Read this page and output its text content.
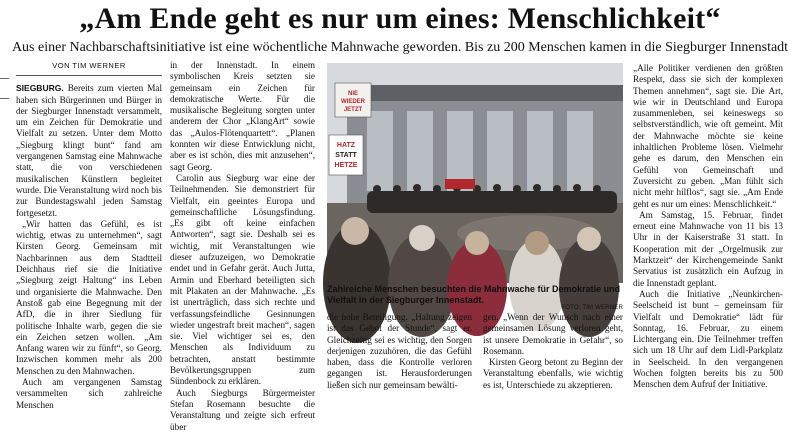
„Am Ende geht es nur um eines: Menschlichkeit“
Aus einer Nachbarschaftsinitiative ist eine wöchentliche Mahnwache geworden. Bis zu 200 Menschen kamen in die Siegburger Innenstadt
VON TIM WERNER

SIEGBURG. Bereits zum vierten Mal haben sich Bürgerinnen und Bürger in der Siegburger Innenstadt versammelt, um ein Zeichen für Demokratie und Vielfalt zu setzen. Unter dem Motto „Siegburg klingt bunt“ fand am vergangenen Samstag eine Mahnwache statt, die von verschiedenen musikalischen Künstlern begleitet wurde. Die Veranstaltung wird noch bis zur Bundestagswahl jeden Samstag fortgesetzt.

„Wir hatten das Gefühl, es ist wichtig, etwas zu unternehmen“, sagt Kirsten Georg. Gemeinsam mit Nachbarinnen aus dem Stadtteil Deichhaus rief sie die Initiative „Siegburg zeigt Haltung“ ins Leben und organisierte die Mahnwache. Den Anstoß gab eine Begegnung mit der AfD, die in ihrer Siedlung für politische Inhalte warb, gegen die sie ein Zeichen setzen wollen. „Am Anfang waren wir zu fünft“, so Georg. Inzwischen kommen mehr als 200 Menschen zu den Mahnwachen.

Auch am vergangenen Samstag versammelten sich zahlreiche Menschen

in der Innenstadt. In einem symbolischen Kreis setzten sie gemeinsam ein Zeichen für demokratische Werte. Für die musikalische Begleitung sorgten unter anderem der Chor „KlangArt“ sowie das „Aulos-Flötenquartett“. „Planen konnten wir diese Entwicklung nicht, aber es ist schön, dies mit anzusehen“, sagt Georg.

Carolin aus Siegburg war eine der Teilnehmenden. Sie demonstriert für Vielfalt, ein geeintes Europa und gemeinschaftliche Lösungsfindung. „Es gibt oft keine einfachen Antworten“, sagt sie. Deshalb sei es wichtig, mit Veranstaltungen wie dieser aufzuzeigen, wo Demokratie endet und in Gefahr gerät. Auch Jutta, Armin und Eberhard beteiligten sich mit Plakaten an der Mahnwache. „Es ist unerträglich, dass sich rechte und verfassungsfeindliche Gesinnungen wieder ungestraft breit machen“, sagen sie. Viel wichtiger sei es, den Menschen als Individuum zu betrachten, anstatt bestimmte Bevölkerungsgruppen zum Sündenbock zu erklären.

Auch Siegburgs Bürgermeister Stefan Rosemann besuchte die Veranstaltung und zeigte sich erfreut über

NIE
WIEDER
JETZT
HATZ
STATT
HETZE
Zahlreiche Menschen besuchten die Mahnwache für Demokratie und Vielfalt in der Siegburger Innenstadt.
FOTO: TIM WERNER

die hohe Beteiligung. „Haltung zeigen ist das Gebot der Stunde“, sagt er. Gleichzeitig sei es wichtig, den Sorgen derjenigen zuzuhören, die das Gefühl haben, dass die Kontrolle verloren gegangen ist. Herausforderungen ließen sich nur gemeinsam bewälti-

gen. „Wenn der Wunsch nach einer gemeinsamen Lösung verloren geht, ist unsere Demokratie in Gefahr“, so Rosemann.

Kirsten Georg betont zu Beginn der Veranstaltung ebenfalls, wie wichtig es ist, Unterschiede zu akzeptieren.

„Alle Politiker verdienen den größten Respekt, dass sie sich der komplexen Themen annehmen“, sagt sie. Die Art, wie wir in Deutschland und Europa zusammenleben, sei keineswegs so selbstverständlich, wie oft gemeint. Mit der Mahnwache möchte sie keine inhaltlichen Probleme lösen. Vielmehr gehe es darum, den Menschen ein Gefühl von Gemeinschaft und Zuversicht zu geben. „Man fühlt sich nicht mehr hilflos“, sagt sie. „Am Ende geht es nur um eines: Menschlichkeit.“

Am Samstag, 15. Februar, findet erneut eine Mahnwache von 11 bis 13 Uhr in der Kaiserstraße 31 statt. In Kooperation mit der „Orgelmusik zur Marktzeit“ der Kirchengemeinde Sankt Servatius ist zusätzlich ein Aufzug in die Innenstadt geplant.

Auch die Initiative „Neunkirchen-Seelscheid ist bunt – gemeinsam für Vielfalt und Demokratie“ lädt für Sonntag, 16. Februar, zu einem Lichtergang ein. Die Teilnehmer treffen sich um 18 Uhr auf dem Lidl-Parkplatz in Seelscheid. In den vergangenen Wochen folgten bereits bis zu 500 Menschen dem Aufruf der Initiative.
